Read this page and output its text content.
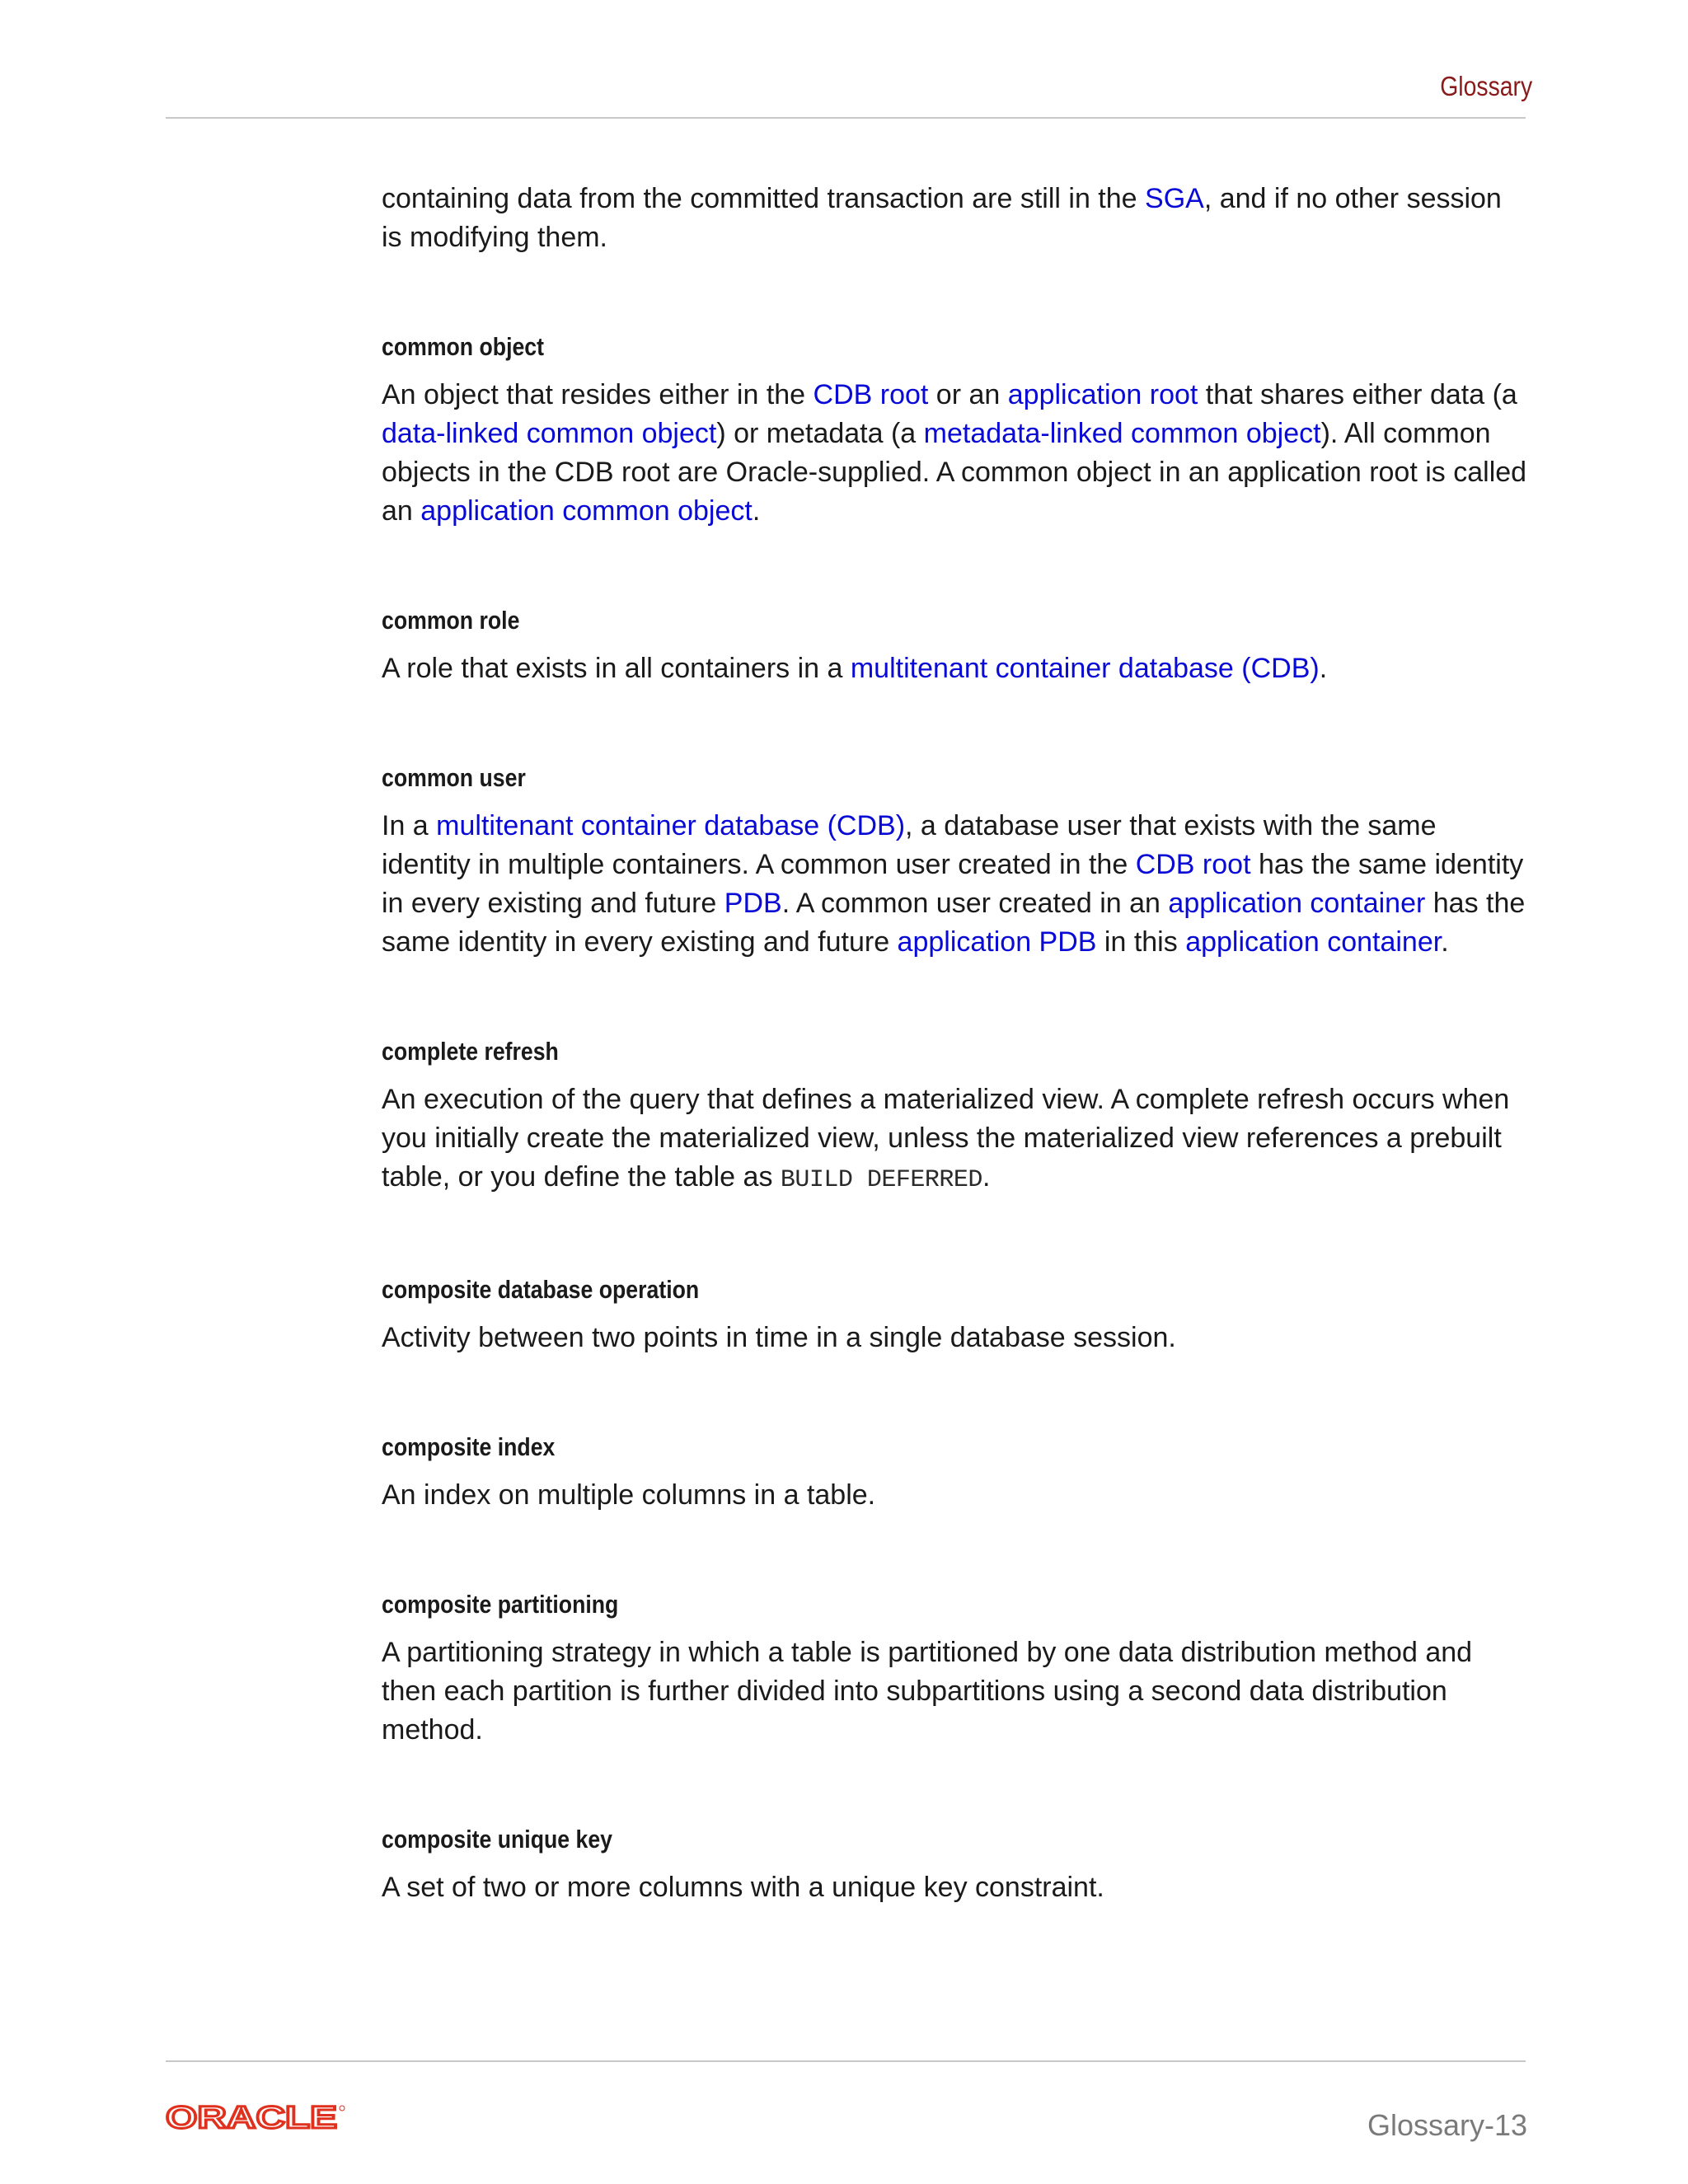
Glossary

containing data from the committed transaction are still in the SGA, and if no other session is modifying them.

common object

An object that resides either in the CDB root or an application root that shares either data (a data-linked common object) or metadata (a metadata-linked common object). All common objects in the CDB root are Oracle-supplied. A common object in an application root is called an application common object.

common role

A role that exists in all containers in a multitenant container database (CDB).

common user

In a multitenant container database (CDB), a database user that exists with the same identity in multiple containers. A common user created in the CDB root has the same identity in every existing and future PDB. A common user created in an application container has the same identity in every existing and future application PDB in this application container.

complete refresh

An execution of the query that defines a materialized view. A complete refresh occurs when you initially create the materialized view, unless the materialized view references a prebuilt table, or you define the table as BUILD DEFERRED.

composite database operation

Activity between two points in time in a single database session.

composite index

An index on multiple columns in a table.

composite partitioning

A partitioning strategy in which a table is partitioned by one data distribution method and then each partition is further divided into subpartitions using a second data distribution method.

composite unique key

A set of two or more columns with a unique key constraint.

ORACLE	Glossary-13
